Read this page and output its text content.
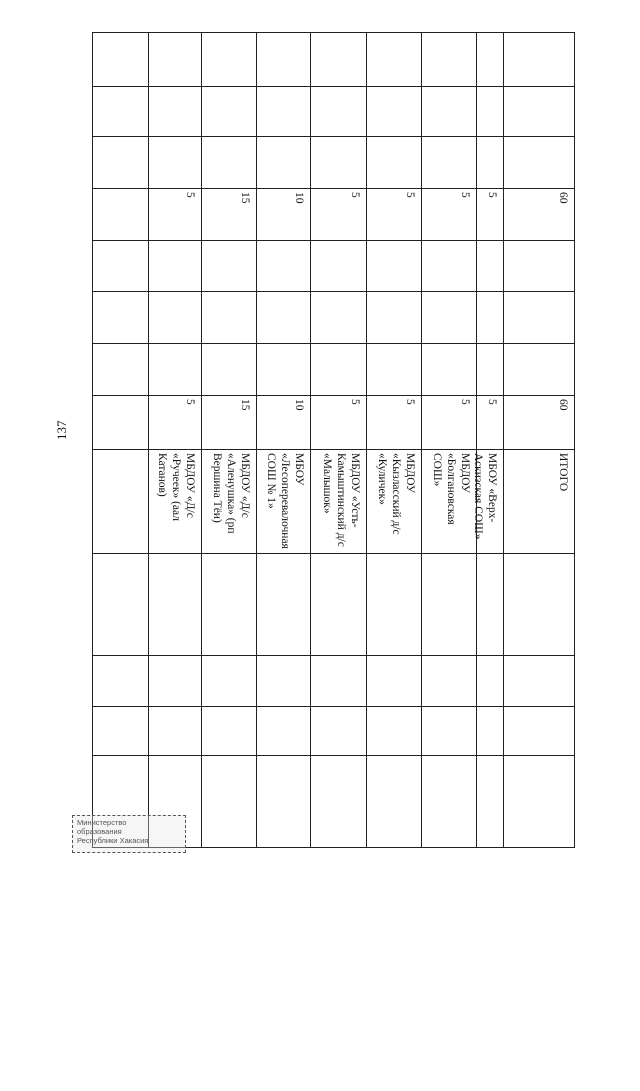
137
5
5
МБДОУ «Д/с «Ручеек» (аал Катанов)
15
15
МБДОУ «Д/с «Аленушка» (рп Вершина Тёи)
10
10
МБОУ «Лесоперевалочная СОШ № 1»
5
5
МБДОУ «Усть-Камыштинский д/с «Малышок»
5
5
МБДОУ «Кызласский д/с «Куличек»
5
5
МБДОУ «Болгановская СОШ»
5
5
МБОУ «Верх-Аскизская СОШ»
60
60
ИТОГО
Министерство
образования
Республики Хакасия
